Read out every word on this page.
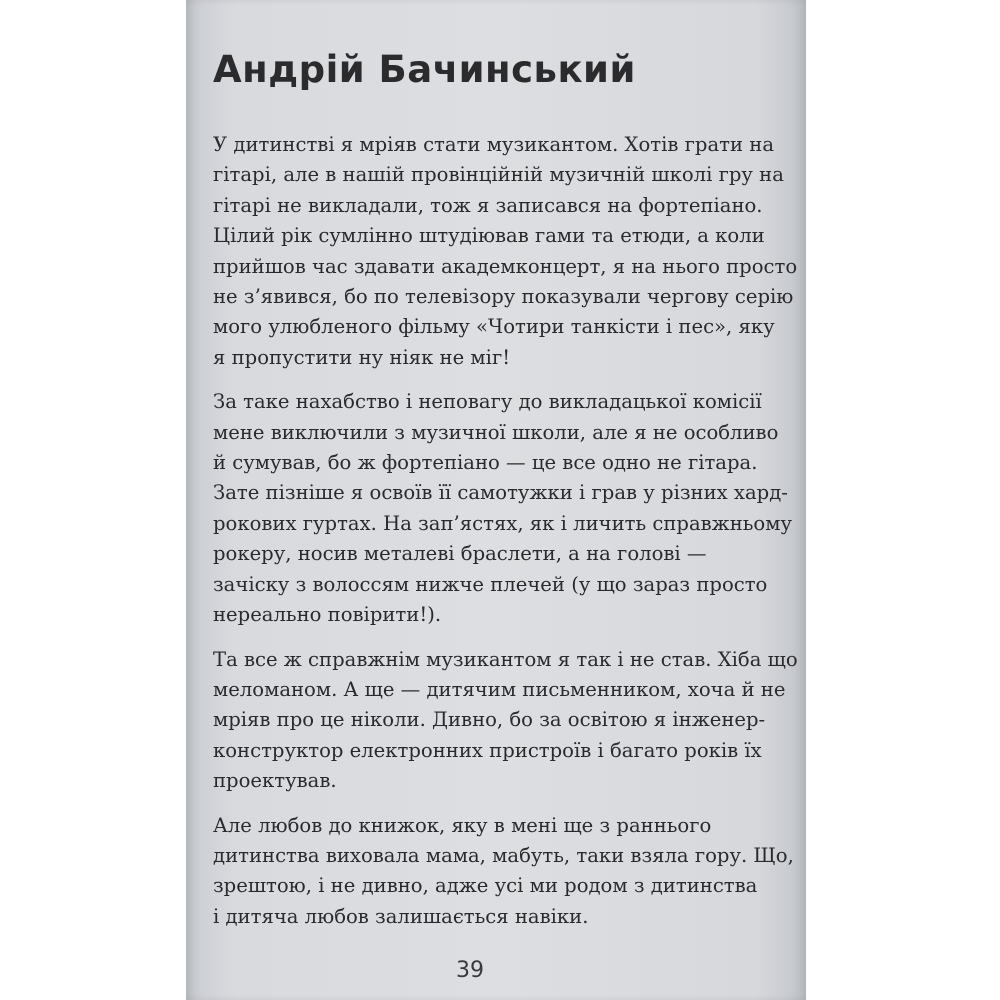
Андрій Бачинський

У дитинстві я мріяв стати музикантом. Хотів грати на
гітарі, але в нашій провінційній музичній школі гру на
гітарі не викладали, тож я записався на фортепіано.
Цілий рік сумлінно штудіював гами та етюди, а коли
прийшов час здавати академконцерт, я на нього просто
не з’явився, бо по телевізору показували чергову серію
мого улюбленого фільму «Чотири танкісти і пес», яку
я пропустити ну ніяк не міг!

За таке нахабство і неповагу до викладацької комісії
мене виключили з музичної школи, але я не особливо
й сумував, бо ж фортепіано — це все одно не гітара.
Зате пізніше я освоїв її самотужки і грав у різних хард-
рокових гуртах. На зап’ястях, як і личить справжньому
рокеру, носив металеві браслети, а на голові —
зачіску з волоссям нижче плечей (у що зараз просто
нереально повірити!).

Та все ж справжнім музикантом я так і не став. Хіба що
меломаном. А ще — дитячим письменником, хоча й не
мріяв про це ніколи. Дивно, бо за освітою я інженер-
конструктор електронних пристроїв і багато років їх
проектував.

Але любов до книжок, яку в мені ще з раннього
дитинства виховала мама, мабуть, таки взяла гору. Що,
зрештою, і не дивно, адже усі ми родом з дитинства
і дитяча любов залишається навіки.

39
